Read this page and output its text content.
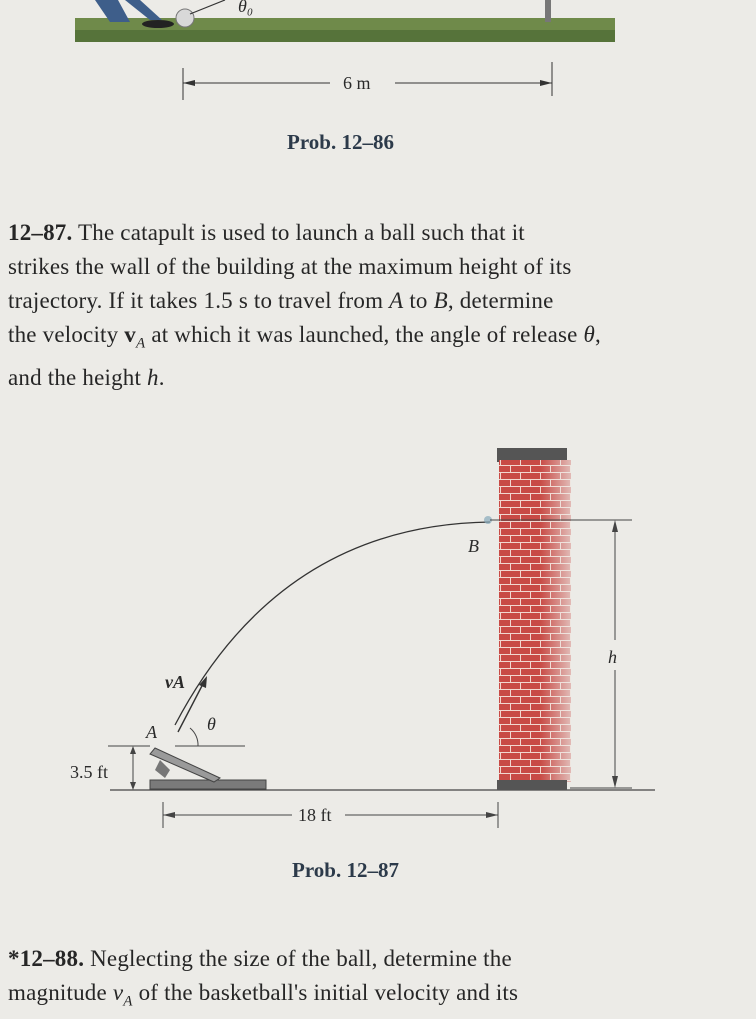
θ₀
6 m
Prob. 12–86
12–87. The catapult is used to launch a ball such that it
strikes the wall of the building at the maximum height of its
trajectory. If it takes 1.5 s to travel from A to B, determine
the velocity $v_A$ at which it was launched, the angle of release θ,
and the height h.
B
h
vA
A	θ
3.5 ft
18 ft
Prob. 12–87
*12–88. Neglecting the size of the ball, determine the
magnitude $v_A$ of the basketball's initial velocity and its
